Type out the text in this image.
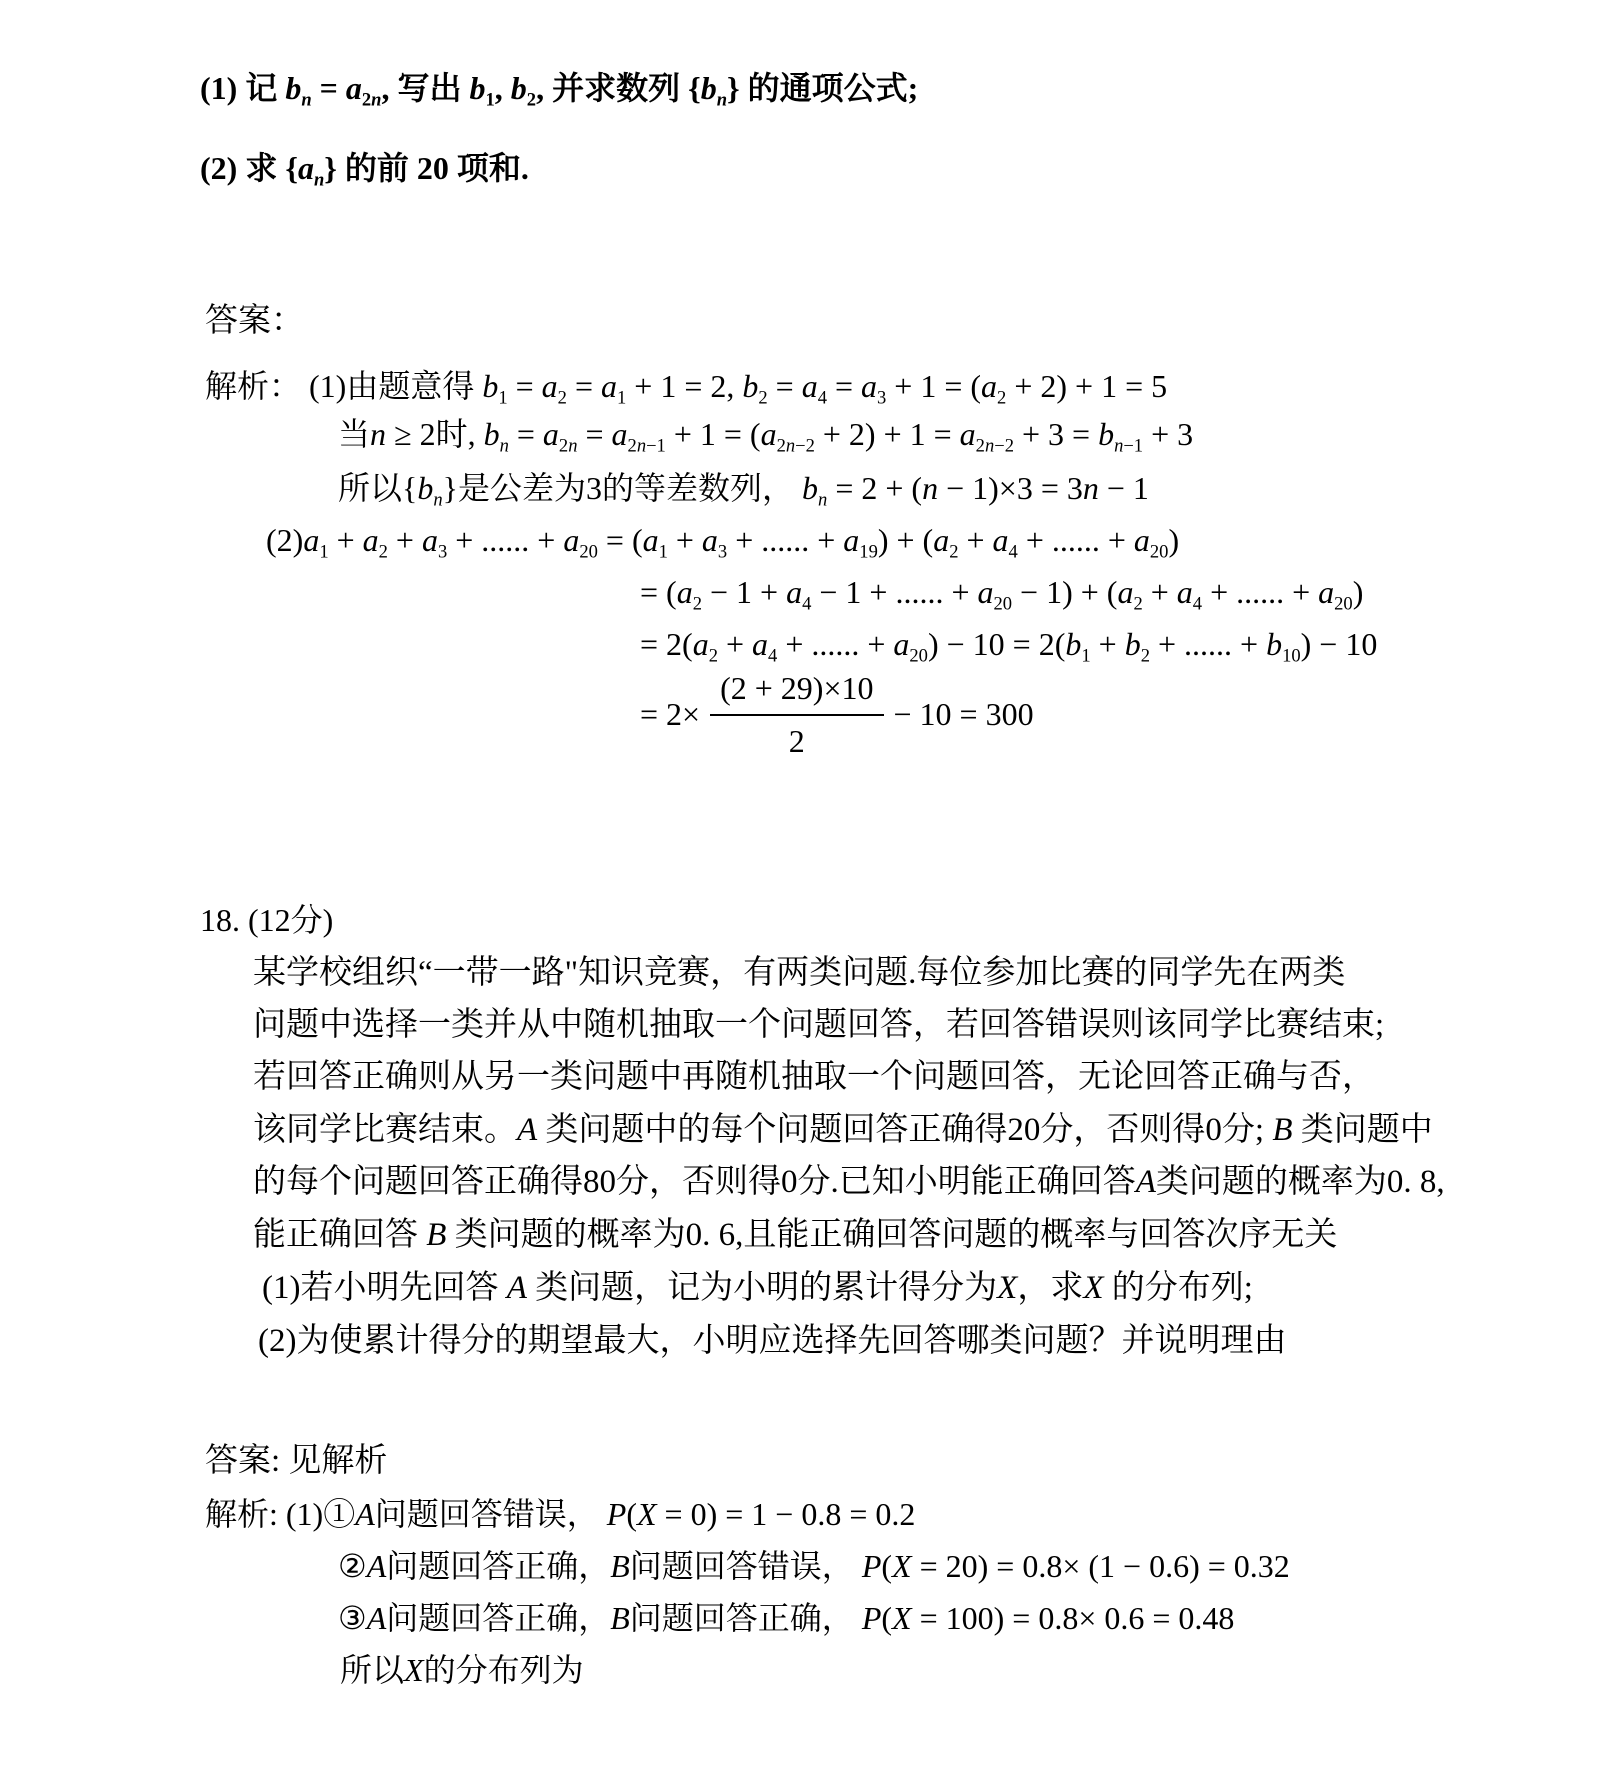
(1) 记 $b_n = a_{2n}$, 写出 $b_1$, $b_2$, 并求数列 $\{b_n\}$ 的通项公式;
(2) 求 $\{a_n\}$ 的前 20 项和.
答案：
解析： (1)由题意得 $b_1 = a_2 = a_1 + 1 = 2$, $b_2 = a_4 = a_3 + 1 = (a_2 + 2) + 1 = 5$
当n ≥ 2时, $b_n = a_{2n} = a_{2n-1} + 1 = (a_{2n-2} + 2) + 1 = a_{2n-2} + 3 = b_{n-1} + 3$
所以$\{b_n\}$是公差为3的等差数列， $b_n = 2 + (n - 1)\times 3 = 3n - 1$
$(2)a_1 + a_2 + a_3$ + ...... + $a_{20} = (a_1 + a_3$ + ...... + $a_{19}) + (a_2 + a_4$ + ...... + $a_{20}$)
= ($a_2 - 1 + a_4 - 1$ + ...... + $a_{20} - 1) + (a_2 + a_4$ + ...... + $a_{20}$)
= $2(a_2 + a_4$ + ...... + $a_{20}) - 10 = 2(b_1 + b_2$ + ...... + $b_{10}) - 10$
= $2\times \frac{(2 + 29)\times 10}{2} - 10 = 300$
18. (12分)
某学校组织“一带一路"知识竞赛，有两类问题.每位参加比赛的同学先在两类
问题中选择一类并从中随机抽取一个问题回答，若回答错误则该同学比赛结束;
若回答正确则从另一类问题中再随机抽取一个问题回答，无论回答正确与否，
该同学比赛结束。A 类问题中的每个问题回答正确得20分，否则得0分; B 类问题中
的每个问题回答正确得80分，否则得0分.已知小明能正确回答A类问题的概率为0. 8,
能正确回答 B 类问题的概率为0. 6,且能正确回答问题的概率与回答次序无关
(1)若小明先回答 A 类问题，记为小明的累计得分为X，求X 的分布列;
(2)为使累计得分的期望最大，小明应选择先回答哪类问题？并说明理由
答案: 见解析
解析: (1)①A问题回答错误， P(X = 0) = 1 − 0.8 = 0.2
②A问题回答正确，B问题回答错误， P(X = 20) = 0.8× (1 − 0.6) = 0.32
③A问题回答正确，B问题回答正确， P(X = 100) = 0.8× 0.6 = 0.48
所以X的分布列为
